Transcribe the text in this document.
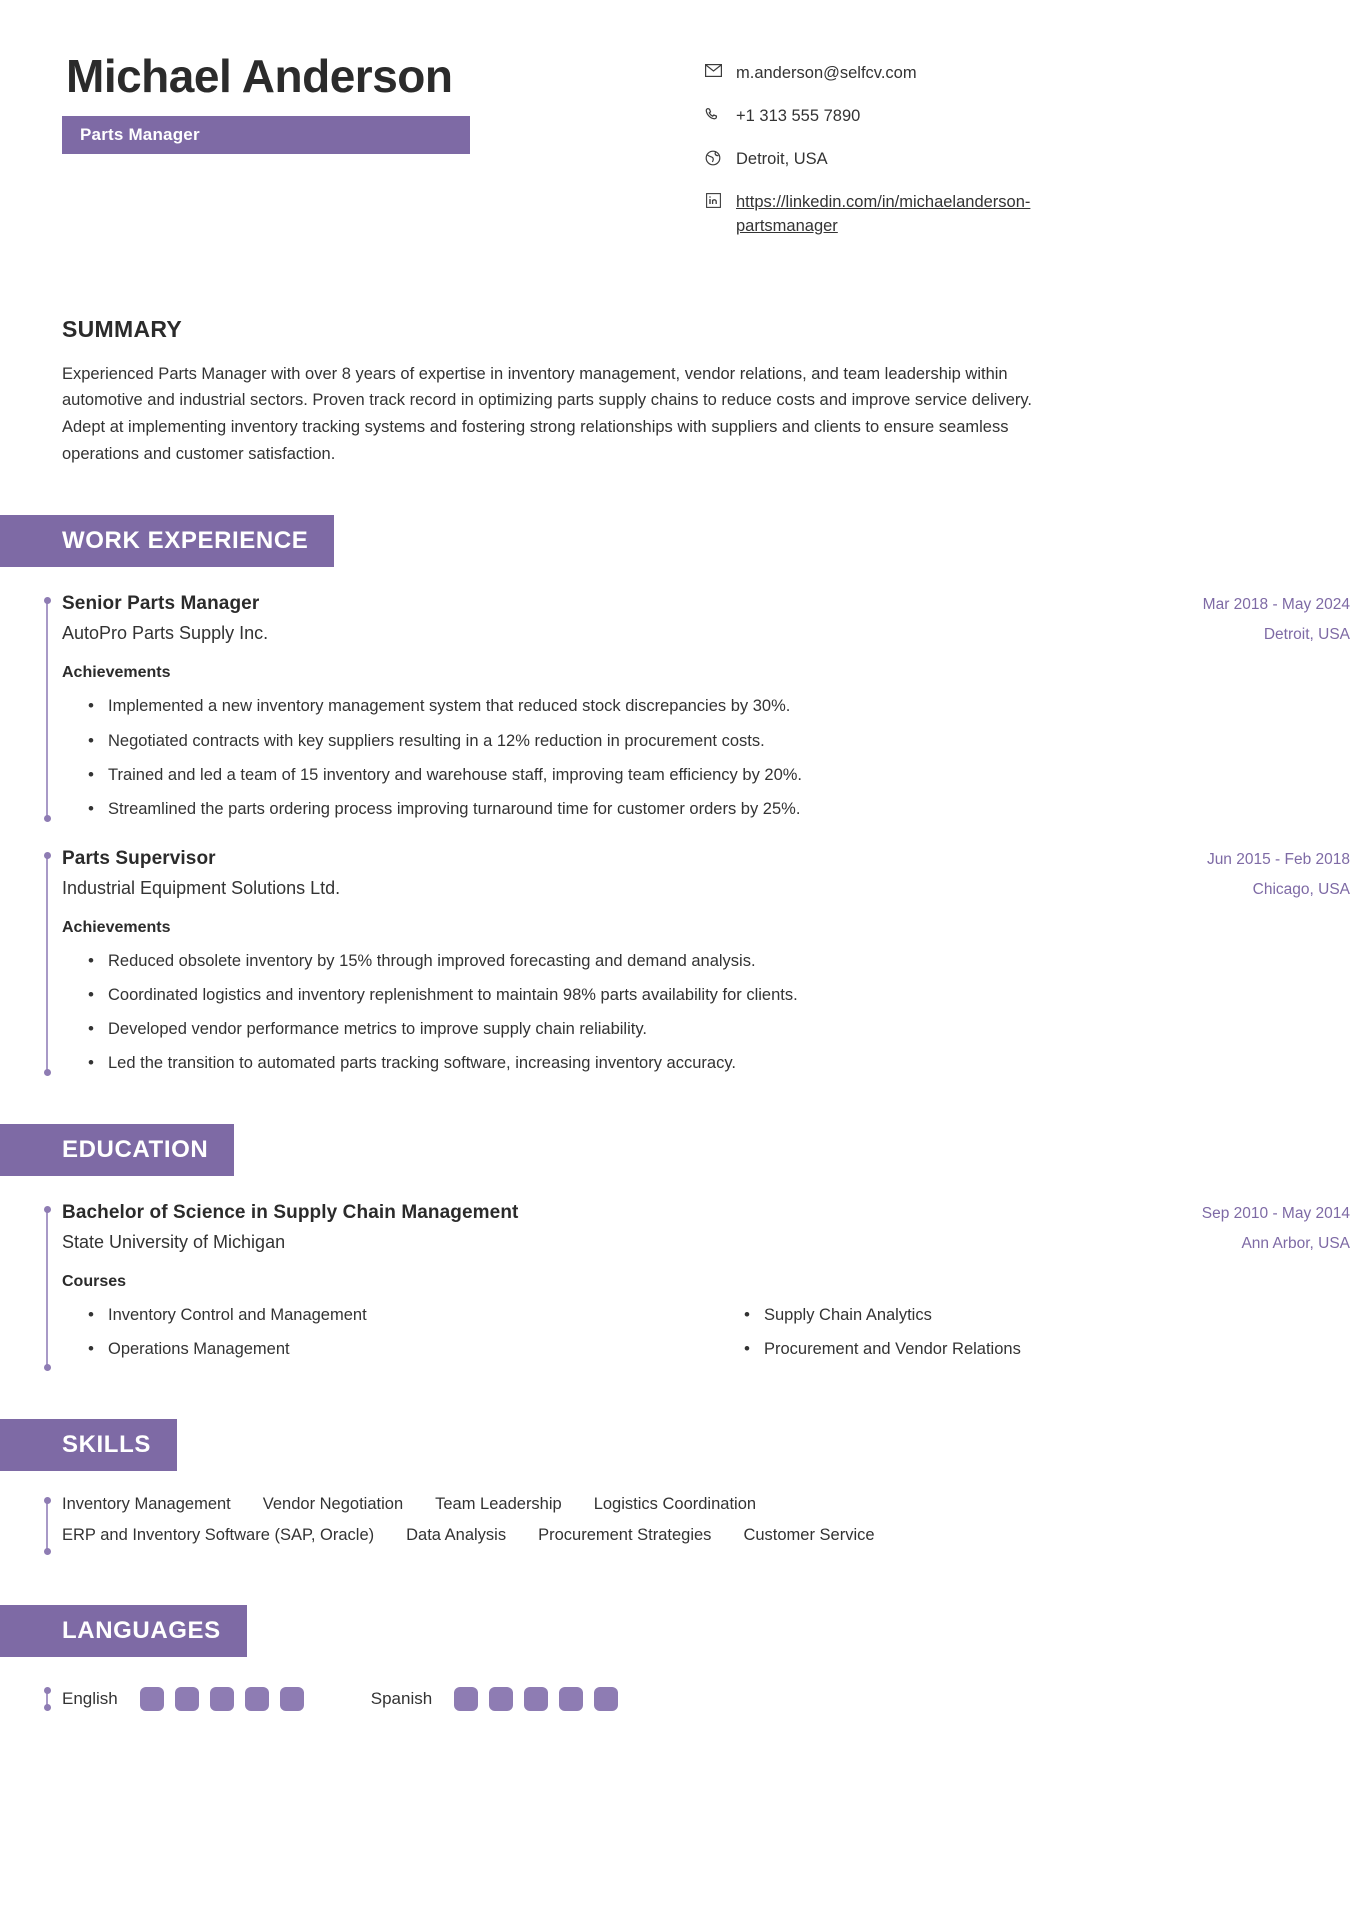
Michael Anderson
Parts Manager
m.anderson@selfcv.com
+1 313 555 7890
Detroit, USA
https://linkedin.com/in/michaelanderson-partsmanager
SUMMARY
Experienced Parts Manager with over 8 years of expertise in inventory management, vendor relations, and team leadership within automotive and industrial sectors. Proven track record in optimizing parts supply chains to reduce costs and improve service delivery. Adept at implementing inventory tracking systems and fostering strong relationships with suppliers and clients to ensure seamless operations and customer satisfaction.
WORK EXPERIENCE
Senior Parts Manager	Mar 2018 - May 2024
AutoPro Parts Supply Inc.	Detroit, USA
Achievements
• Implemented a new inventory management system that reduced stock discrepancies by 30%.
• Negotiated contracts with key suppliers resulting in a 12% reduction in procurement costs.
• Trained and led a team of 15 inventory and warehouse staff, improving team efficiency by 20%.
• Streamlined the parts ordering process improving turnaround time for customer orders by 25%.
Parts Supervisor	Jun 2015 - Feb 2018
Industrial Equipment Solutions Ltd.	Chicago, USA
Achievements
• Reduced obsolete inventory by 15% through improved forecasting and demand analysis.
• Coordinated logistics and inventory replenishment to maintain 98% parts availability for clients.
• Developed vendor performance metrics to improve supply chain reliability.
• Led the transition to automated parts tracking software, increasing inventory accuracy.
EDUCATION
Bachelor of Science in Supply Chain Management	Sep 2010 - May 2014
State University of Michigan	Ann Arbor, USA
Courses
• Inventory Control and Management	• Supply Chain Analytics
• Operations Management	• Procurement and Vendor Relations
SKILLS
Inventory Management Vendor Negotiation Team Leadership Logistics Coordination
ERP and Inventory Software (SAP, Oracle) Data Analysis Procurement Strategies Customer Service
LANGUAGES
English	Spanish
